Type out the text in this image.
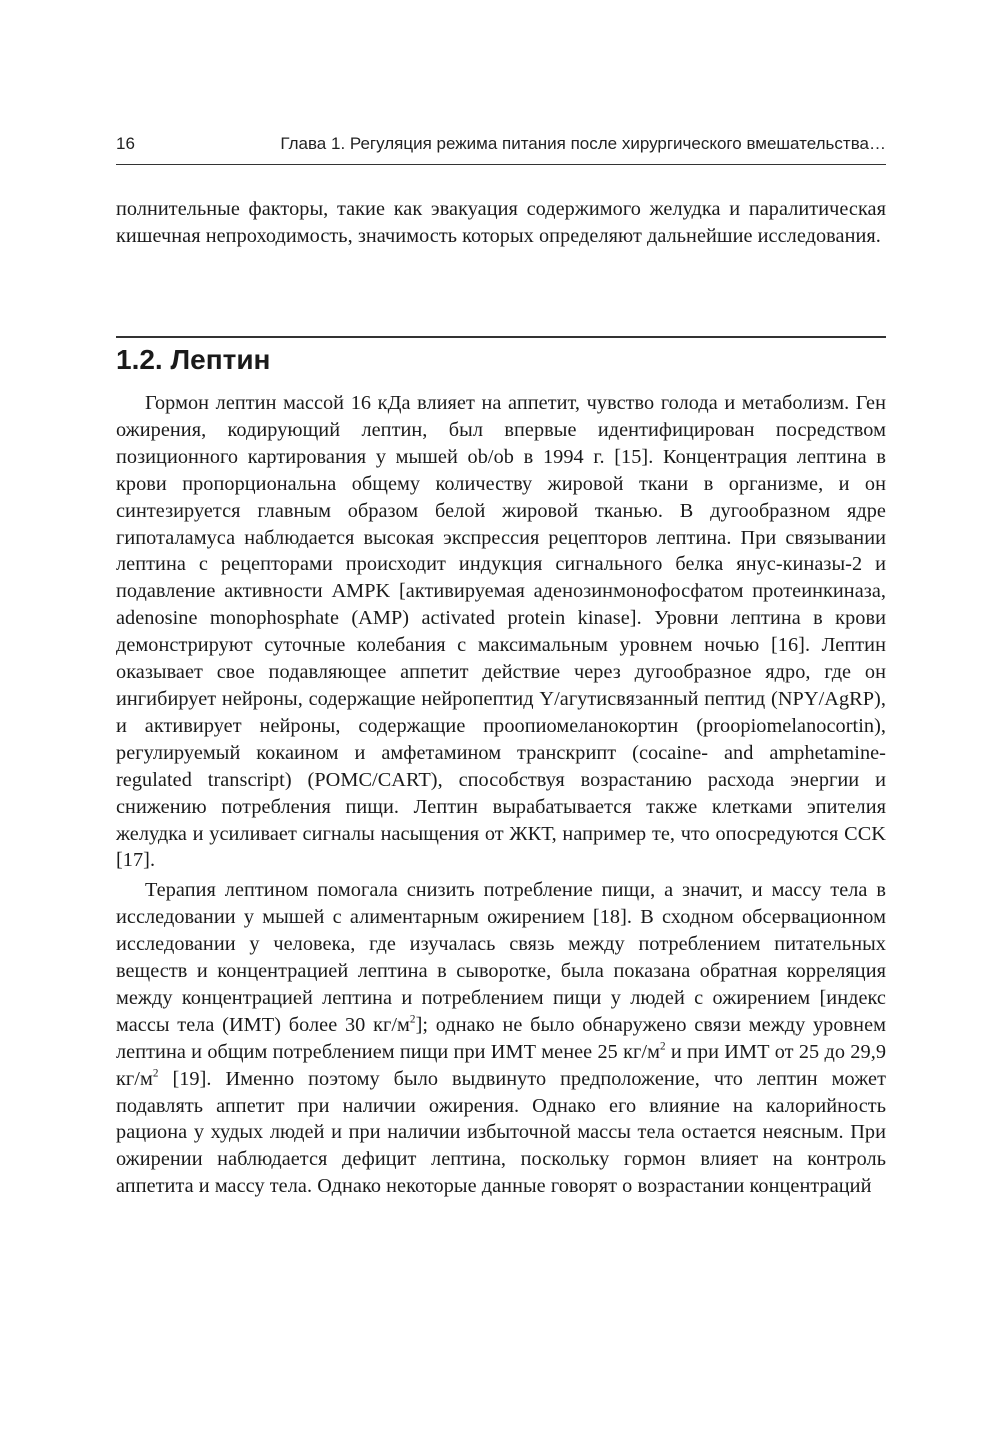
16	Глава 1. Регуляция режима питания после хирургического вмешательства…

полнительные факторы, такие как эвакуация содержимого желудка и паралитическая кишечная непроходимость, значимость которых определяют дальнейшие исследования.

1.2. Лептин

Гормон лептин массой 16 кДа влияет на аппетит, чувство голода и метаболизм. Ген ожирения, кодирующий лептин, был впервые идентифицирован посредством позиционного картирования у мышей ob/ob в 1994 г. [15]. Концентрация лептина в крови пропорциональна общему количеству жировой ткани в организме, и он синтезируется главным образом белой жировой тканью. В дугообразном ядре гипоталамуса наблюдается высокая экспрессия рецепторов лептина. При связывании лептина с рецепторами происходит индукция сигнального белка янус-киназы-2 и подавление активности AMPK [активируемая аденозинмонофосфатом протеинкиназа, adenosine monophosphate (AMP) activated protein kinase]. Уровни лептина в крови демонстрируют суточные колебания с максимальным уровнем ночью [16]. Лептин оказывает свое подавляющее аппетит действие через дугообразное ядро, где он ингибирует нейроны, содержащие нейропептид Y/агутисвязанный пептид (NPY/AgRP), и активирует нейроны, содержащие проопиомеланокортин (proopiomelanocortin), регулируемый кокаином и амфетамином транскрипт (cocaine- and amphetamine-regulated transcript) (POMC/CART), способствуя возрастанию расхода энергии и снижению потребления пищи. Лептин вырабатывается также клетками эпителия желудка и усиливает сигналы насыщения от ЖКТ, например те, что опосредуются CCK [17].

Терапия лептином помогала снизить потребление пищи, а значит, и массу тела в исследовании у мышей с алиментарным ожирением [18]. В сходном обсервационном исследовании у человека, где изучалась связь между потреблением питательных веществ и концентрацией лептина в сыворотке, была показана обратная корреляция между концентрацией лептина и потреблением пищи у людей с ожирением [индекс массы тела (ИМТ) более 30 $кг/м^2$]; однако не было обнаружено связи между уровнем лептина и общим потреблением пищи при ИМТ менее 25 $кг/м^2$ и при ИМТ от 25 до 29,9 $кг/м^2$ [19]. Именно поэтому было выдвинуто предположение, что лептин может подавлять аппетит при наличии ожирения. Однако его влияние на калорийность рациона у худых людей и при наличии избыточной массы тела остается неясным. При ожирении наблюдается дефицит лептина, поскольку гормон влияет на контроль аппетита и массу тела. Однако некоторые данные говорят о возрастании концентраций
